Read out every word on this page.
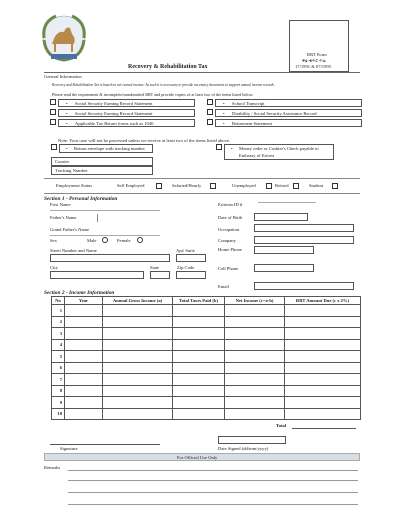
Recovery & Rehabilitation Tax
RRT Form
ቅፅ-ቁጥር ጥሬ
17/1991 & 07/1995
General Information
Recovery and Rehabilitation Tax is based on net earned income. As such it is necessary to provide necessary documents to support annual income records.
Please read the requirement & incomplete/unsubmitted RRT and provide copies of at least two of the items listed below.
• Social Security Earning Record Statement
• Social Security Earning Record Statement
• Applicable Tax Return forms such as 1040
• School Transcript
• Disability / Social Security Assistance Record
• Retirement Statement
Note: Your case will not be processed unless we receive at least two of the items listed above.
• Return envelope with tracking number	• Money order or Cashier's Check payable to
Embassy of Eritrea
Courier
Tracking Number
Employment Status	Self Employed	Salaried/Hourly	Unemployed	Retired	Student
Section 1 - Personal Information
First Name
Father's Name
Grand Father's Name
Sex	Male	Female
Street Number and Name	Apt/ Suite
City	State	Zip Code
Eritrean ID #
Date of Birth
Occupation
Company
Home Phone
Cell Phone
Email
Section 2 - Income Information
No	Year	Annual Gross Income (a)	Total Taxes Paid (b)	Net Income (c=a-b)	RRT Amount Due (c x 2%)
1					
2					
3					
4					
5					
6					
7					
8					
9					
10					
Total
Signature	Date Signed (dd/mm/yyyy)
For Official Use Only
Remarks
